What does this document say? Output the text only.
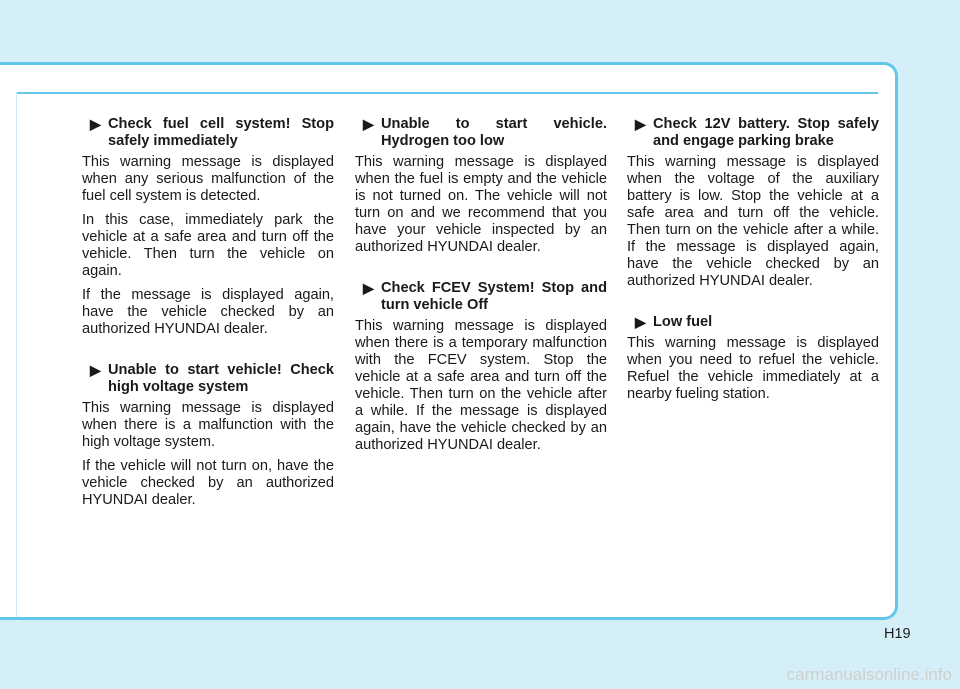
▶ Check fuel cell system! Stop safely immediately

This warning message is displayed when any serious malfunction of the fuel cell system is detected.

In this case, immediately park the vehicle at a safe area and turn off the vehicle. Then turn the vehicle on again.

If the message is displayed again, have the vehicle checked by an authorized HYUNDAI dealer.

▶ Unable to start vehicle! Check high voltage system

This warning message is displayed when there is a malfunction with the high voltage system.

If the vehicle will not turn on, have the vehicle checked by an authorized HYUNDAI dealer.

▶ Unable to start vehicle. Hydrogen too low

This warning message is displayed when the fuel is empty and the vehicle is not turned on. The vehicle will not turn on and we recommend that you have your vehicle inspected by an authorized HYUNDAI dealer.

▶ Check FCEV System! Stop and turn vehicle Off

This warning message is displayed when there is a temporary malfunction with the FCEV system. Stop the vehicle at a safe area and turn off the vehicle. Then turn on the vehicle after a while. If the message is displayed again, have the vehicle checked by an authorized HYUNDAI dealer.

▶ Check 12V battery. Stop safely and engage parking brake

This warning message is displayed when the voltage of the auxiliary battery is low. Stop the vehicle at a safe area and turn off the vehicle. Then turn on the vehicle after a while. If the message is displayed again, have the vehicle checked by an authorized HYUNDAI dealer.

▶ Low fuel

This warning message is displayed when you need to refuel the vehicle. Refuel the vehicle immediately at a nearby fueling station.

H19
carmanualsonline.info
